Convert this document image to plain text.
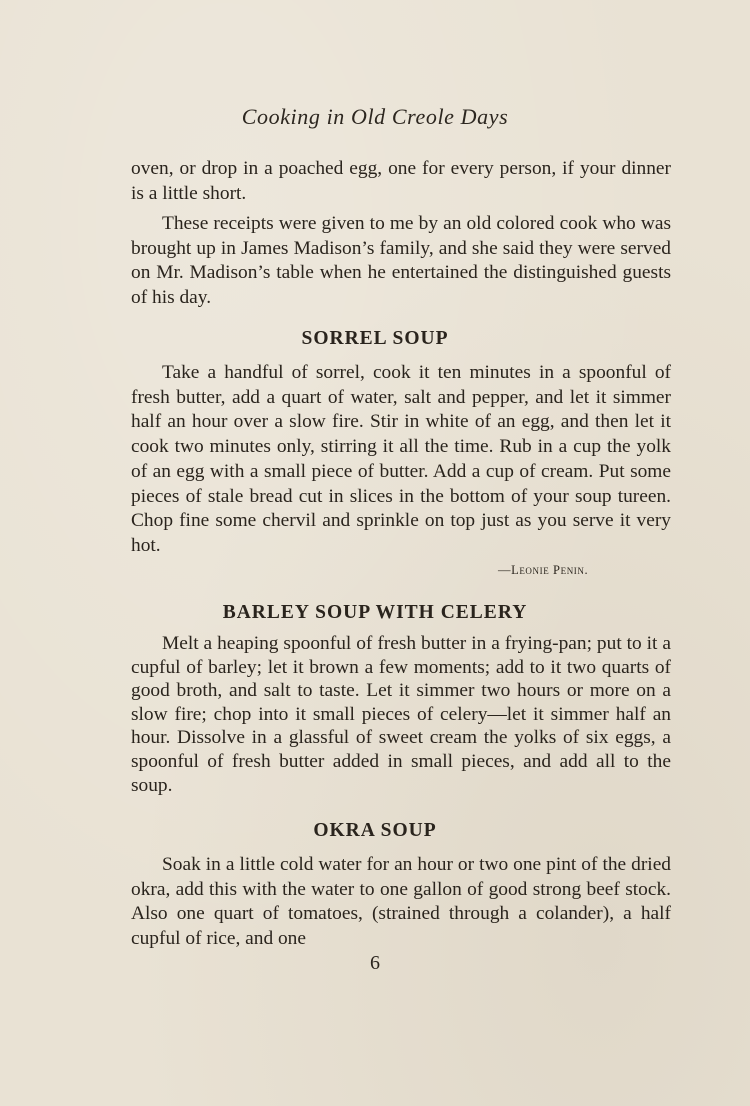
Cooking in Old Creole Days

oven, or drop in a poached egg, one for every person, if your dinner is a little short.

These receipts were given to me by an old colored cook who was brought up in James Madison’s family, and she said they were served on Mr. Madison’s table when he entertained the distinguished guests of his day.

SORREL SOUP

Take a handful of sorrel, cook it ten minutes in a spoonful of fresh butter, add a quart of water, salt and pepper, and let it simmer half an hour over a slow fire. Stir in white of an egg, and then let it cook two minutes only, stirring it all the time. Rub in a cup the yolk of an egg with a small piece of butter. Add a cup of cream. Put some pieces of stale bread cut in slices in the bottom of your soup tureen. Chop fine some chervil and sprinkle on top just as you serve it very hot.

—Leonie Penin.
BARLEY SOUP WITH CELERY

Melt a heaping spoonful of fresh butter in a frying-pan; put to it a cupful of barley; let it brown a few moments; add to it two quarts of good broth, and salt to taste. Let it simmer two hours or more on a slow fire; chop into it small pieces of celery—let it simmer half an hour. Dissolve in a glassful of sweet cream the yolks of six eggs, a spoonful of fresh butter added in small pieces, and add all to the soup.

OKRA SOUP

Soak in a little cold water for an hour or two one pint of the dried okra, add this with the water to one gallon of good strong beef stock. Also one quart of tomatoes, (strained through a colander), a half cupful of rice, and one

6
